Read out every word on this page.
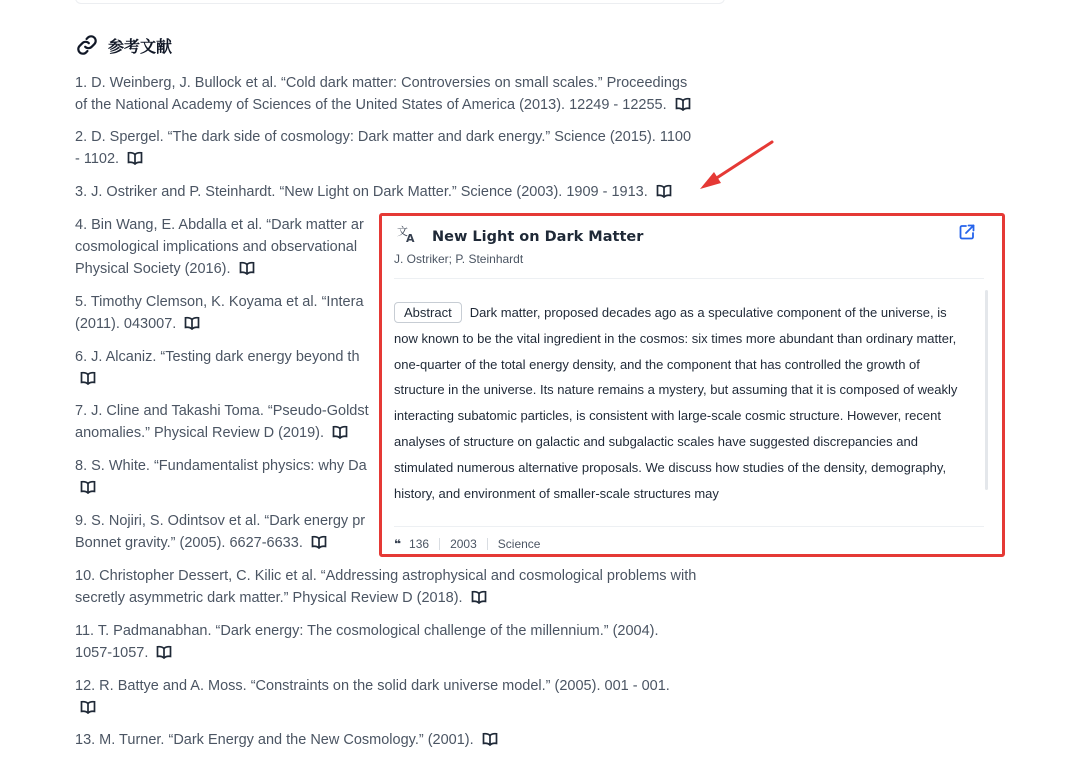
参考文献
1. D. Weinberg, J. Bullock et al. “Cold dark matter: Controversies on small scales.” Proceedings
of the National Academy of Sciences of the United States of America (2013). 12249 - 12255.
2. D. Spergel. “The dark side of cosmology: Dark matter and dark energy.” Science (2015). 1100
- 1102.
3. J. Ostriker and P. Steinhardt. “New Light on Dark Matter.” Science (2003). 1909 - 1913.
4. Bin Wang, E. Abdalla et al. “Dark matter ar
cosmological implications and observational
Physical Society (2016).
5. Timothy Clemson, K. Koyama et al. “Intera
(2011). 043007.
6. J. Alcaniz. “Testing dark energy beyond th

7. J. Cline and Takashi Toma. “Pseudo-Goldst
anomalies.” Physical Review D (2019).
8. S. White. “Fundamentalist physics: why Da

9. S. Nojiri, S. Odintsov et al. “Dark energy pr
Bonnet gravity.” (2005). 6627-6633.
10. Christopher Dessert, C. Kilic et al. “Addressing astrophysical and cosmological problems with
secretly asymmetric dark matter.” Physical Review D (2018).
11. T. Padmanabhan. “Dark energy: The cosmological challenge of the millennium.” (2004).
1057-1057.
12. R. Battye and A. Moss. “Constraints on the solid dark universe model.” (2005). 001 - 001.

13. M. Turner. “Dark Energy and the New Cosmology.” (2001).
文
A New Light on Dark Matter
J. Ostriker; P. Steinhardt
Abstract Dark matter, proposed decades ago as a speculative component of the universe, is now known to be the vital ingredient in the cosmos: six times more abundant than ordinary matter, one-quarter of the total energy density, and the component that has controlled the growth of structure in the universe. Its nature remains a mystery, but assuming that it is composed of weakly interacting subatomic particles, is consistent with large-scale cosmic structure. However, recent analyses of structure on galactic and subgalactic scales have suggested discrepancies and stimulated numerous alternative proposals. We discuss how studies of the density, demography, history, and environment of smaller-scale structures may
❝ 136 2003 Science
